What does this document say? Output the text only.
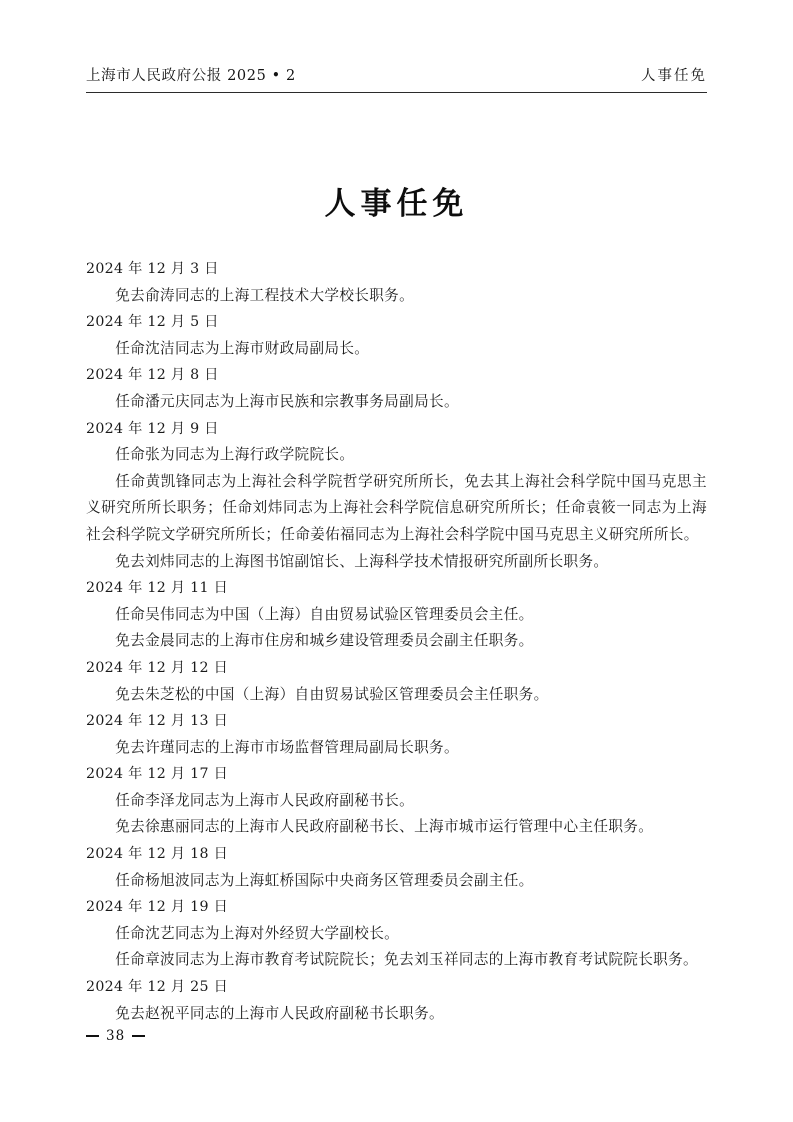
上海市人民政府公报 2025 • 2	人事任免
人事任免

2024 年 12 月 3 日

免去俞涛同志的上海工程技术大学校长职务。

2024 年 12 月 5 日

任命沈洁同志为上海市财政局副局长。

2024 年 12 月 8 日

任命潘元庆同志为上海市民族和宗教事务局副局长。

2024 年 12 月 9 日

任命张为同志为上海行政学院院长。

任命黄凯锋同志为上海社会科学院哲学研究所所长，免去其上海社会科学院中国马克思主义研究所所长职务；任命刘炜同志为上海社会科学院信息研究所所长；任命袁筱一同志为上海社会科学院文学研究所所长；任命姜佑福同志为上海社会科学院中国马克思主义研究所所长。

免去刘炜同志的上海图书馆副馆长、上海科学技术情报研究所副所长职务。

2024 年 12 月 11 日

任命吴伟同志为中国（上海）自由贸易试验区管理委员会主任。

免去金晨同志的上海市住房和城乡建设管理委员会副主任职务。

2024 年 12 月 12 日

免去朱芝松的中国（上海）自由贸易试验区管理委员会主任职务。

2024 年 12 月 13 日

免去许瑾同志的上海市市场监督管理局副局长职务。

2024 年 12 月 17 日

任命李泽龙同志为上海市人民政府副秘书长。

免去徐惠丽同志的上海市人民政府副秘书长、上海市城市运行管理中心主任职务。

2024 年 12 月 18 日

任命杨旭波同志为上海虹桥国际中央商务区管理委员会副主任。

2024 年 12 月 19 日

任命沈艺同志为上海对外经贸大学副校长。

任命章波同志为上海市教育考试院院长；免去刘玉祥同志的上海市教育考试院院长职务。

2024 年 12 月 25 日

免去赵祝平同志的上海市人民政府副秘书长职务。

38
